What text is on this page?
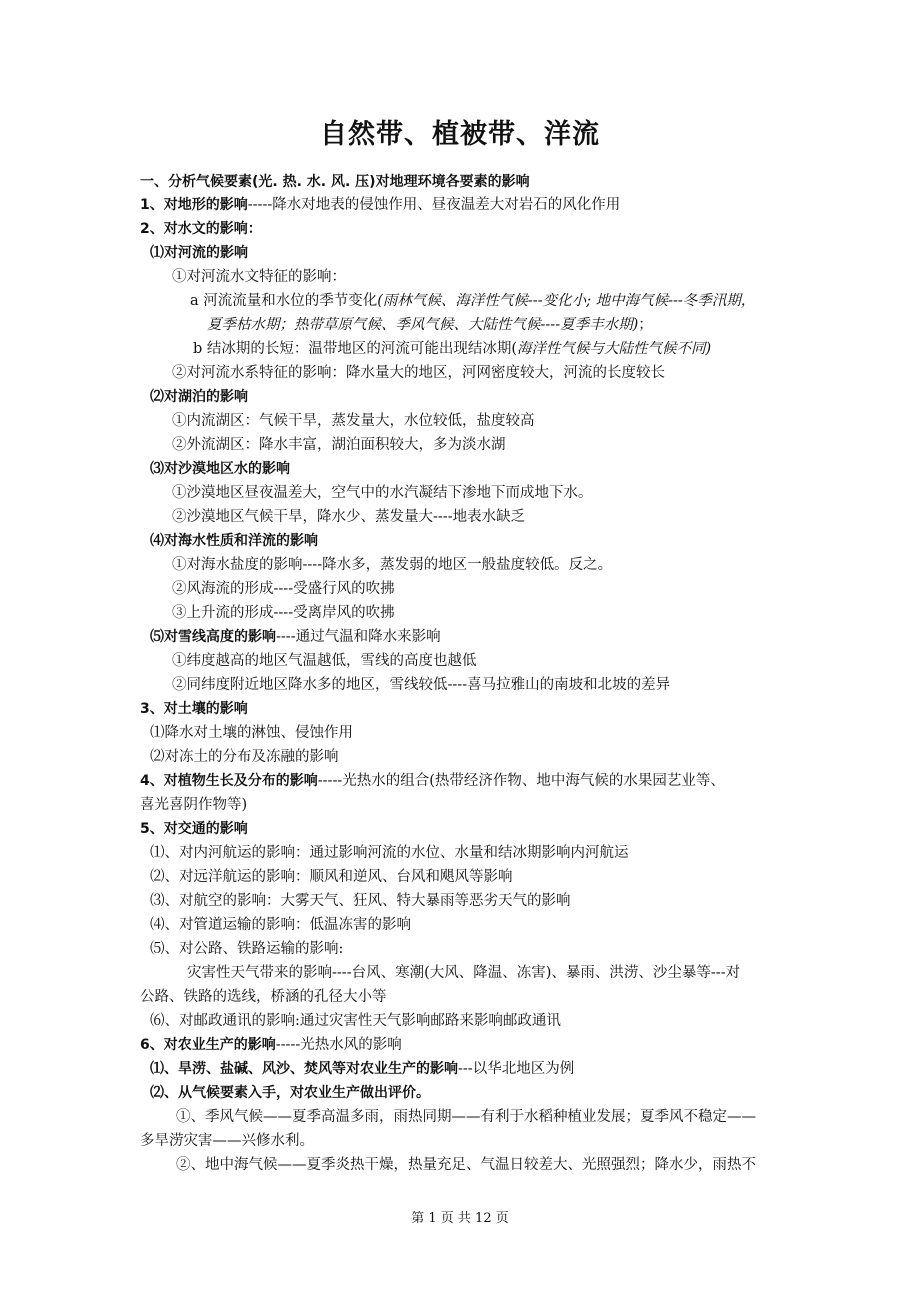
自然带、植被带、洋流
一、分析气候要素(光. 热. 水. 风. 压)对地理环境各要素的影响
1、对地形的影响-----降水对地表的侵蚀作用、昼夜温差大对岩石的风化作用
2、对水文的影响：
⑴对河流的影响
①对河流水文特征的影响：
a 河流流量和水位的季节变化(雨林气候、海洋性气候---变化小; 地中海气候---冬季汛期，
夏季枯水期；热带草原气候、季风气候、大陆性气候----夏季丰水期)；
b 结冰期的长短：温带地区的河流可能出现结冰期(海洋性气候与大陆性气候不同)
②对河流水系特征的影响：降水量大的地区，河网密度较大，河流的长度较长
⑵对湖泊的影响
①内流湖区：气候干旱，蒸发量大，水位较低，盐度较高
②外流湖区：降水丰富，湖泊面积较大，多为淡水湖
⑶对沙漠地区水的影响
①沙漠地区昼夜温差大，空气中的水汽凝结下渗地下而成地下水。
②沙漠地区气候干旱，降水少、蒸发量大----地表水缺乏
⑷对海水性质和洋流的影响
①对海水盐度的影响----降水多，蒸发弱的地区一般盐度较低。反之。
②风海流的形成----受盛行风的吹拂
③上升流的形成----受离岸风的吹拂
⑸对雪线高度的影响----通过气温和降水来影响
①纬度越高的地区气温越低，雪线的高度也越低
②同纬度附近地区降水多的地区，雪线较低----喜马拉雅山的南坡和北坡的差异
3、对土壤的影响
⑴降水对土壤的淋蚀、侵蚀作用
⑵对冻土的分布及冻融的影响
4、对植物生长及分布的影响-----光热水的组合(热带经济作物、地中海气候的水果园艺业等、
喜光喜阴作物等)
5、对交通的影响
⑴、对内河航运的影响：通过影响河流的水位、水量和结冰期影响内河航运
⑵、对远洋航运的影响：顺风和逆风、台风和飓风等影响
⑶、对航空的影响：大雾天气、狂风、特大暴雨等恶劣天气的影响
⑷、对管道运输的影响：低温冻害的影响
⑸、对公路、铁路运输的影响:
灾害性天气带来的影响----台风、寒潮(大风、降温、冻害)、暴雨、洪涝、沙尘暴等---对
公路、铁路的选线，桥涵的孔径大小等
⑹、对邮政通讯的影响:通过灾害性天气影响邮路来影响邮政通讯
6、对农业生产的影响-----光热水风的影响
⑴、旱涝、盐碱、风沙、焚风等对农业生产的影响---以华北地区为例
⑵、从气候要素入手，对农业生产做出评价。
①、季风气候——夏季高温多雨，雨热同期——有利于水稻种植业发展；夏季风不稳定——
多旱涝灾害——兴修水利。
②、地中海气候——夏季炎热干燥，热量充足、气温日较差大、光照强烈；降水少，雨热不
第 1 页 共 12 页
